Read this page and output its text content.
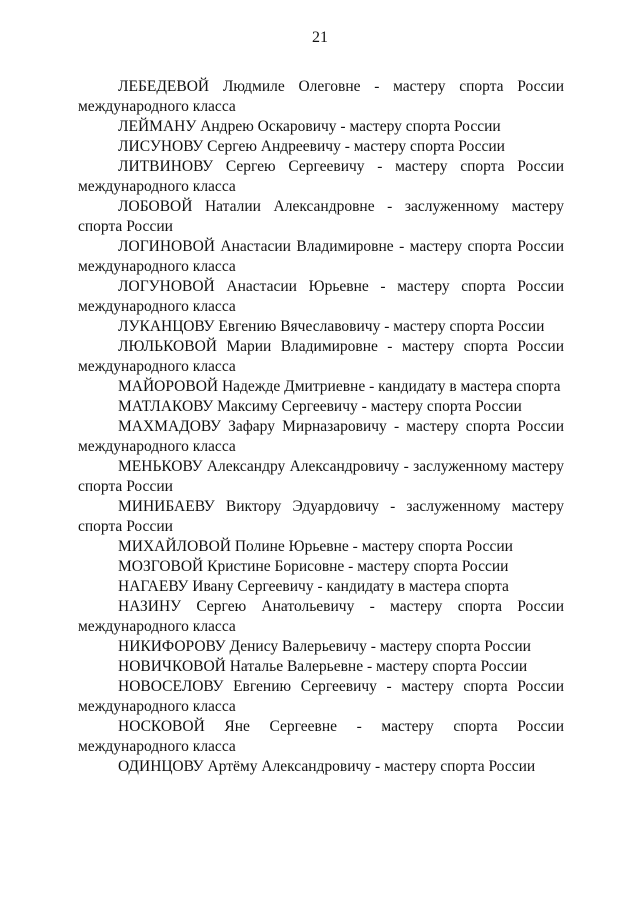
21

ЛЕБЕДЕВОЙ Людмиле Олеговне - мастеру спорта России международного класса

ЛЕЙМАНУ Андрею Оскаровичу - мастеру спорта России

ЛИСУНОВУ Сергею Андреевичу - мастеру спорта России

ЛИТВИНОВУ Сергею Сергеевичу - мастеру спорта России международного класса

ЛОБОВОЙ Наталии Александровне - заслуженному мастеру спорта России

ЛОГИНОВОЙ Анастасии Владимировне - мастеру спорта России международного класса

ЛОГУНОВОЙ Анастасии Юрьевне - мастеру спорта России международного класса

ЛУКАНЦОВУ Евгению Вячеславовичу - мастеру спорта России

ЛЮЛЬКОВОЙ Марии Владимировне - мастеру спорта России международного класса

МАЙОРОВОЙ Надежде Дмитриевне - кандидату в мастера спорта

МАТЛАКОВУ Максиму Сергеевичу - мастеру спорта России

МАХМАДОВУ Зафару Мирназаровичу - мастеру спорта России международного класса

МЕНЬКОВУ Александру Александровичу - заслуженному мастеру спорта России

МИНИБАЕВУ Виктору Эдуардовичу - заслуженному мастеру спорта России

МИХАЙЛОВОЙ Полине Юрьевне - мастеру спорта России

МОЗГОВОЙ Кристине Борисовне - мастеру спорта России

НАГАЕВУ Ивану Сергеевичу - кандидату в мастера спорта

НАЗИНУ Сергею Анатольевичу - мастеру спорта России международного класса

НИКИФОРОВУ Денису Валерьевичу - мастеру спорта России

НОВИЧКОВОЙ Наталье Валерьевне - мастеру спорта России

НОВОСЕЛОВУ Евгению Сергеевичу - мастеру спорта России международного класса

НОСКОВОЙ Яне Сергеевне - мастеру спорта России международного класса

ОДИНЦОВУ Артёму Александровичу - мастеру спорта России
